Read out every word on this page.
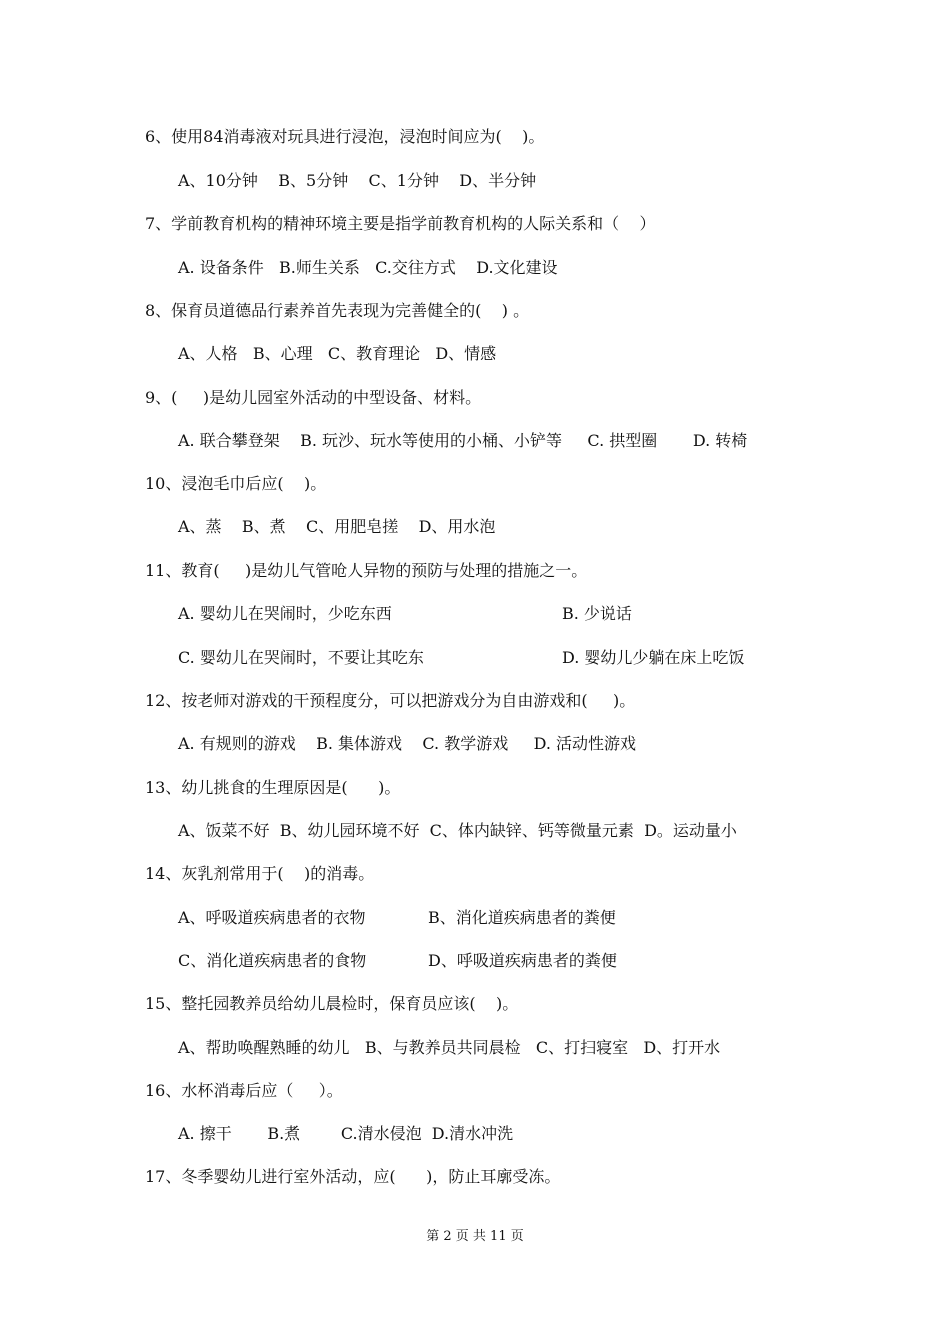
6、使用84消毒液对玩具进行浸泡，浸泡时间应为(    )。
A、10分钟    B、5分钟    C、1分钟    D、半分钟
7、学前教育机构的精神环境主要是指学前教育机构的人际关系和（    ）
A. 设备条件   B.师生关系   C.交往方式    D.文化建设
8、保育员道德品行素养首先表现为完善健全的(    ) 。
A、人格   B、心理   C、教育理论   D、情感
9、(     )是幼儿园室外活动的中型设备、材料。
A. 联合攀登架    B. 玩沙、玩水等使用的小桶、小铲等     C. 拱型圈       D. 转椅
10、浸泡毛巾后应(    )。
A、蒸    B、煮    C、用肥皂搓    D、用水泡
11、教育(     )是幼儿气管呛人异物的预防与处理的措施之一。
A. 婴幼儿在哭闹时，少吃东西	B. 少说话
C. 婴幼儿在哭闹时，不要让其吃东	D. 婴幼儿少躺在床上吃饭
12、按老师对游戏的干预程度分，可以把游戏分为自由游戏和(     )。
A. 有规则的游戏    B. 集体游戏    C. 教学游戏     D. 活动性游戏
13、幼儿挑食的生理原因是(      )。
A、饭菜不好  B、幼儿园环境不好  C、体内缺锌、钙等微量元素  D。运动量小
14、灰乳剂常用于(    )的消毒。
A、呼吸道疾病患者的衣物	B、消化道疾病患者的粪便
C、消化道疾病患者的食物	D、呼吸道疾病患者的粪便
15、整托园教养员给幼儿晨检时，保育员应该(    )。
A、帮助唤醒熟睡的幼儿   B、与教养员共同晨检   C、打扫寝室   D、打开水
16、水杯消毒后应（     ）。
A. 擦干       B.煮        C.清水侵泡  D.清水冲洗
17、冬季婴幼儿进行室外活动，应(      )，防止耳廓受冻。
第 2 页 共 11 页
